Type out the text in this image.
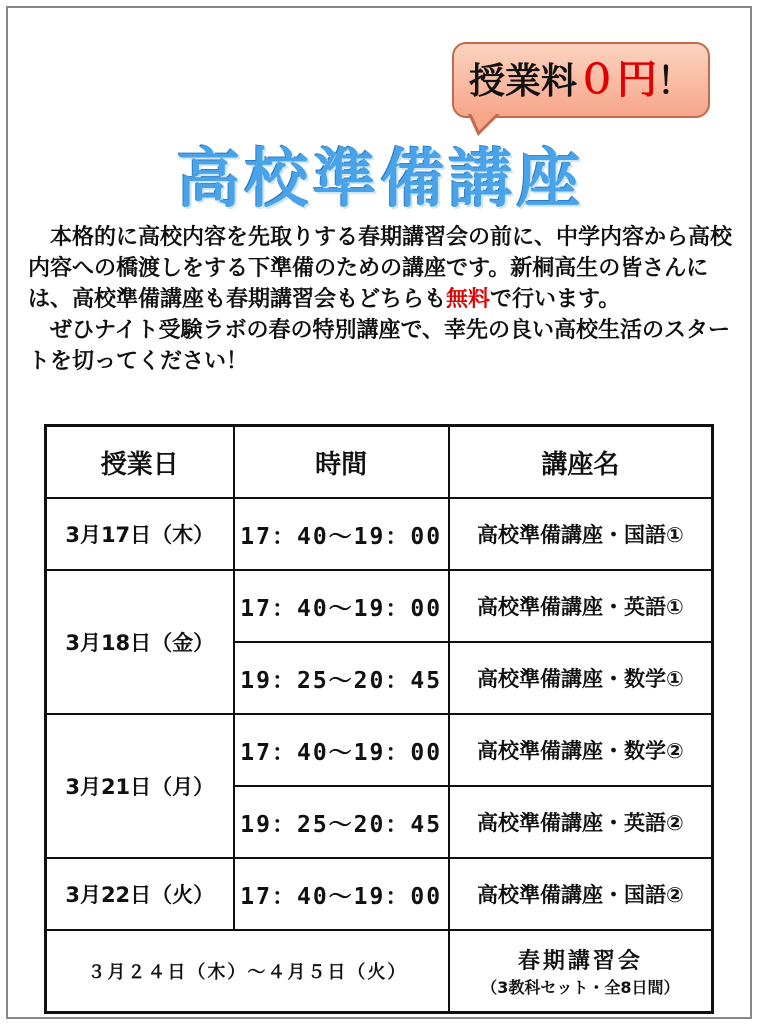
授業料０円！
高校準備講座

本格的に高校内容を先取りする春期講習会の前に、中学内容から高校内容への橋渡しをする下準備のための講座です。新桐高生の皆さんには、高校準備講座も春期講習会もどちらも無料で行います。

ぜひナイト受験ラボの春の特別講座で、幸先の良い高校生活のスタートを切ってください！

授業日	時間	講座名
3月17日（木）	17：40～19：00	高校準備講座・国語①
3月18日（金）	17：40～19：00	高校準備講座・英語①
	19：25～20：45	高校準備講座・数学①
3月21日（月）	17：40～19：00	高校準備講座・数学②
	19：25～20：45	高校準備講座・英語②
3月22日（火）	17：40～19：00	高校準備講座・国語②
３月２４日（木）～４月５日（火）		春期講習会
（3教科セット・全8日間）
